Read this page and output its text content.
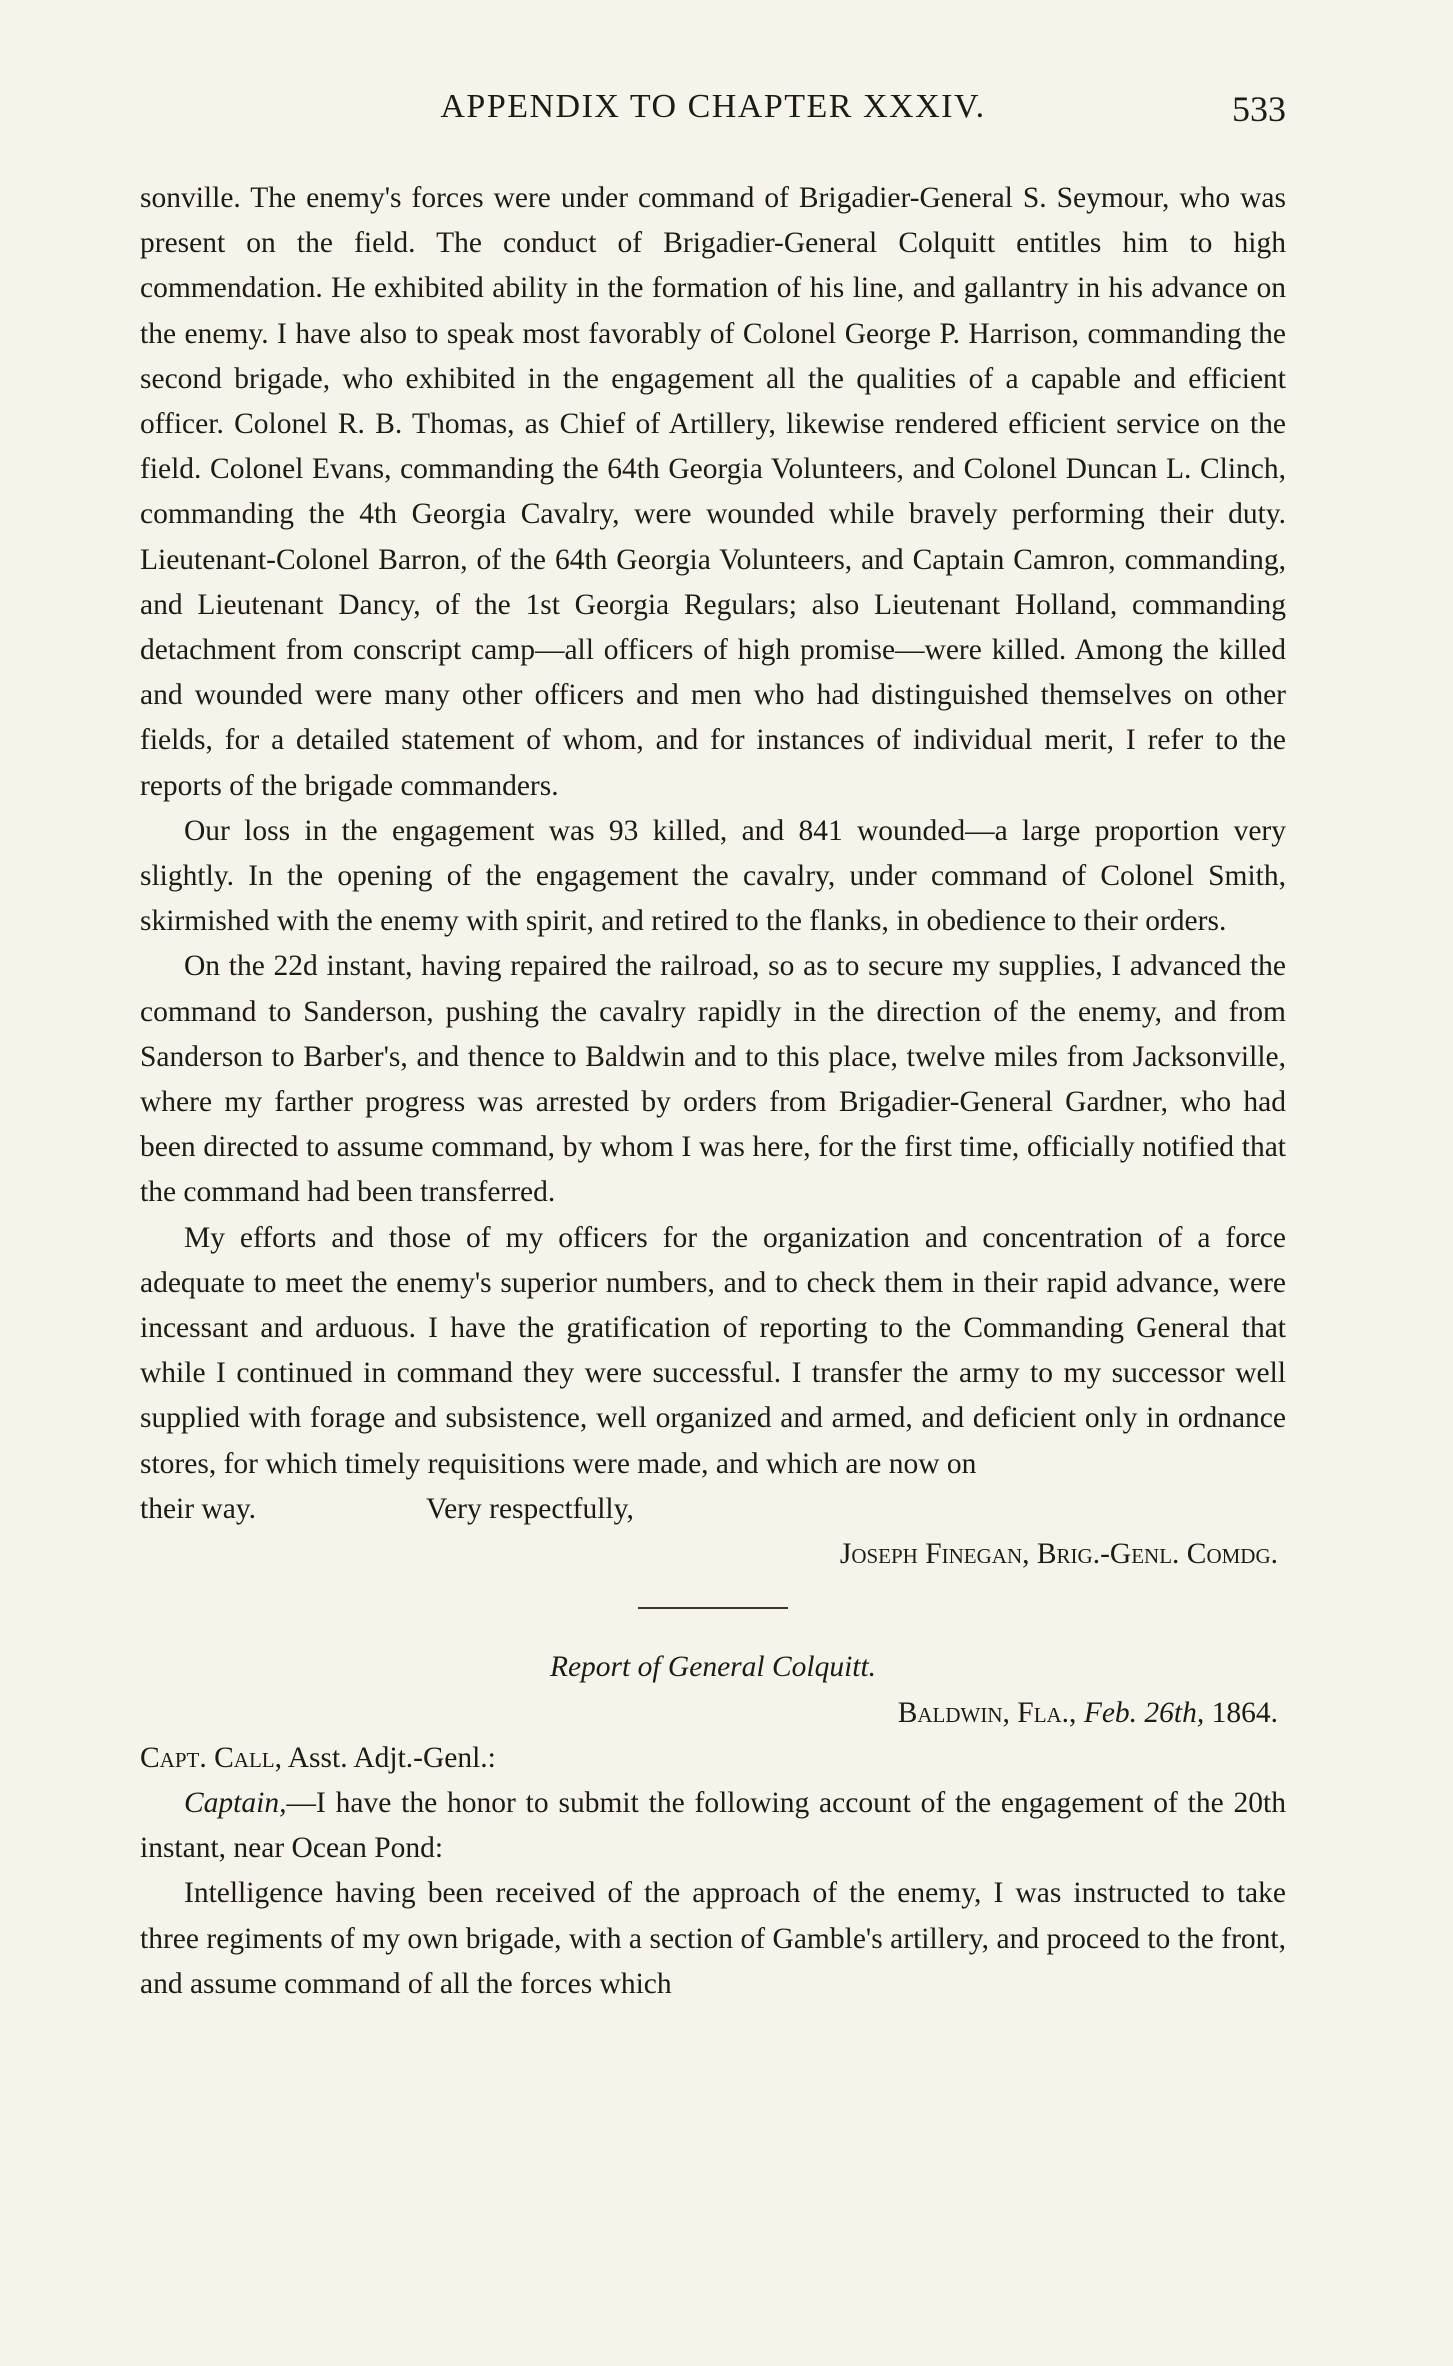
APPENDIX TO CHAPTER XXXIV.	533

sonville. The enemy's forces were under command of Brigadier-General S. Seymour, who was present on the field. The conduct of Brigadier-General Colquitt entitles him to high commendation. He exhibited ability in the formation of his line, and gallantry in his advance on the enemy. I have also to speak most favorably of Colonel George P. Harrison, commanding the second brigade, who exhibited in the engagement all the qualities of a capable and efficient officer. Colonel R. B. Thomas, as Chief of Artillery, likewise rendered efficient service on the field. Colonel Evans, commanding the 64th Georgia Volunteers, and Colonel Duncan L. Clinch, commanding the 4th Georgia Cavalry, were wounded while bravely performing their duty. Lieutenant-Colonel Barron, of the 64th Georgia Volunteers, and Captain Camron, commanding, and Lieutenant Dancy, of the 1st Georgia Regulars; also Lieutenant Holland, commanding detachment from conscript camp—all officers of high promise—were killed. Among the killed and wounded were many other officers and men who had distinguished themselves on other fields, for a detailed statement of whom, and for instances of individual merit, I refer to the reports of the brigade commanders.

Our loss in the engagement was 93 killed, and 841 wounded—a large proportion very slightly. In the opening of the engagement the cavalry, under command of Colonel Smith, skirmished with the enemy with spirit, and retired to the flanks, in obedience to their orders.

On the 22d instant, having repaired the railroad, so as to secure my supplies, I advanced the command to Sanderson, pushing the cavalry rapidly in the direction of the enemy, and from Sanderson to Barber's, and thence to Baldwin and to this place, twelve miles from Jacksonville, where my farther progress was arrested by orders from Brigadier-General Gardner, who had been directed to assume command, by whom I was here, for the first time, officially notified that the command had been transferred.

My efforts and those of my officers for the organization and concentration of a force adequate to meet the enemy's superior numbers, and to check them in their rapid advance, were incessant and arduous. I have the gratification of reporting to the Commanding General that while I continued in command they were successful. I transfer the army to my successor well supplied with forage and subsistence, well organized and armed, and deficient only in ordnance stores, for which timely requisitions were made, and which are now on

their way.	Very respectfully,

Joseph Finegan, Brig.-Genl. Comdg.

Report of General Colquitt.

Baldwin, Fla., Feb. 26th, 1864.

Capt. Call, Asst. Adjt.-Genl.:

Captain,—I have the honor to submit the following account of the engagement of the 20th instant, near Ocean Pond:

Intelligence having been received of the approach of the enemy, I was instructed to take three regiments of my own brigade, with a section of Gamble's artillery, and proceed to the front, and assume command of all the forces which
